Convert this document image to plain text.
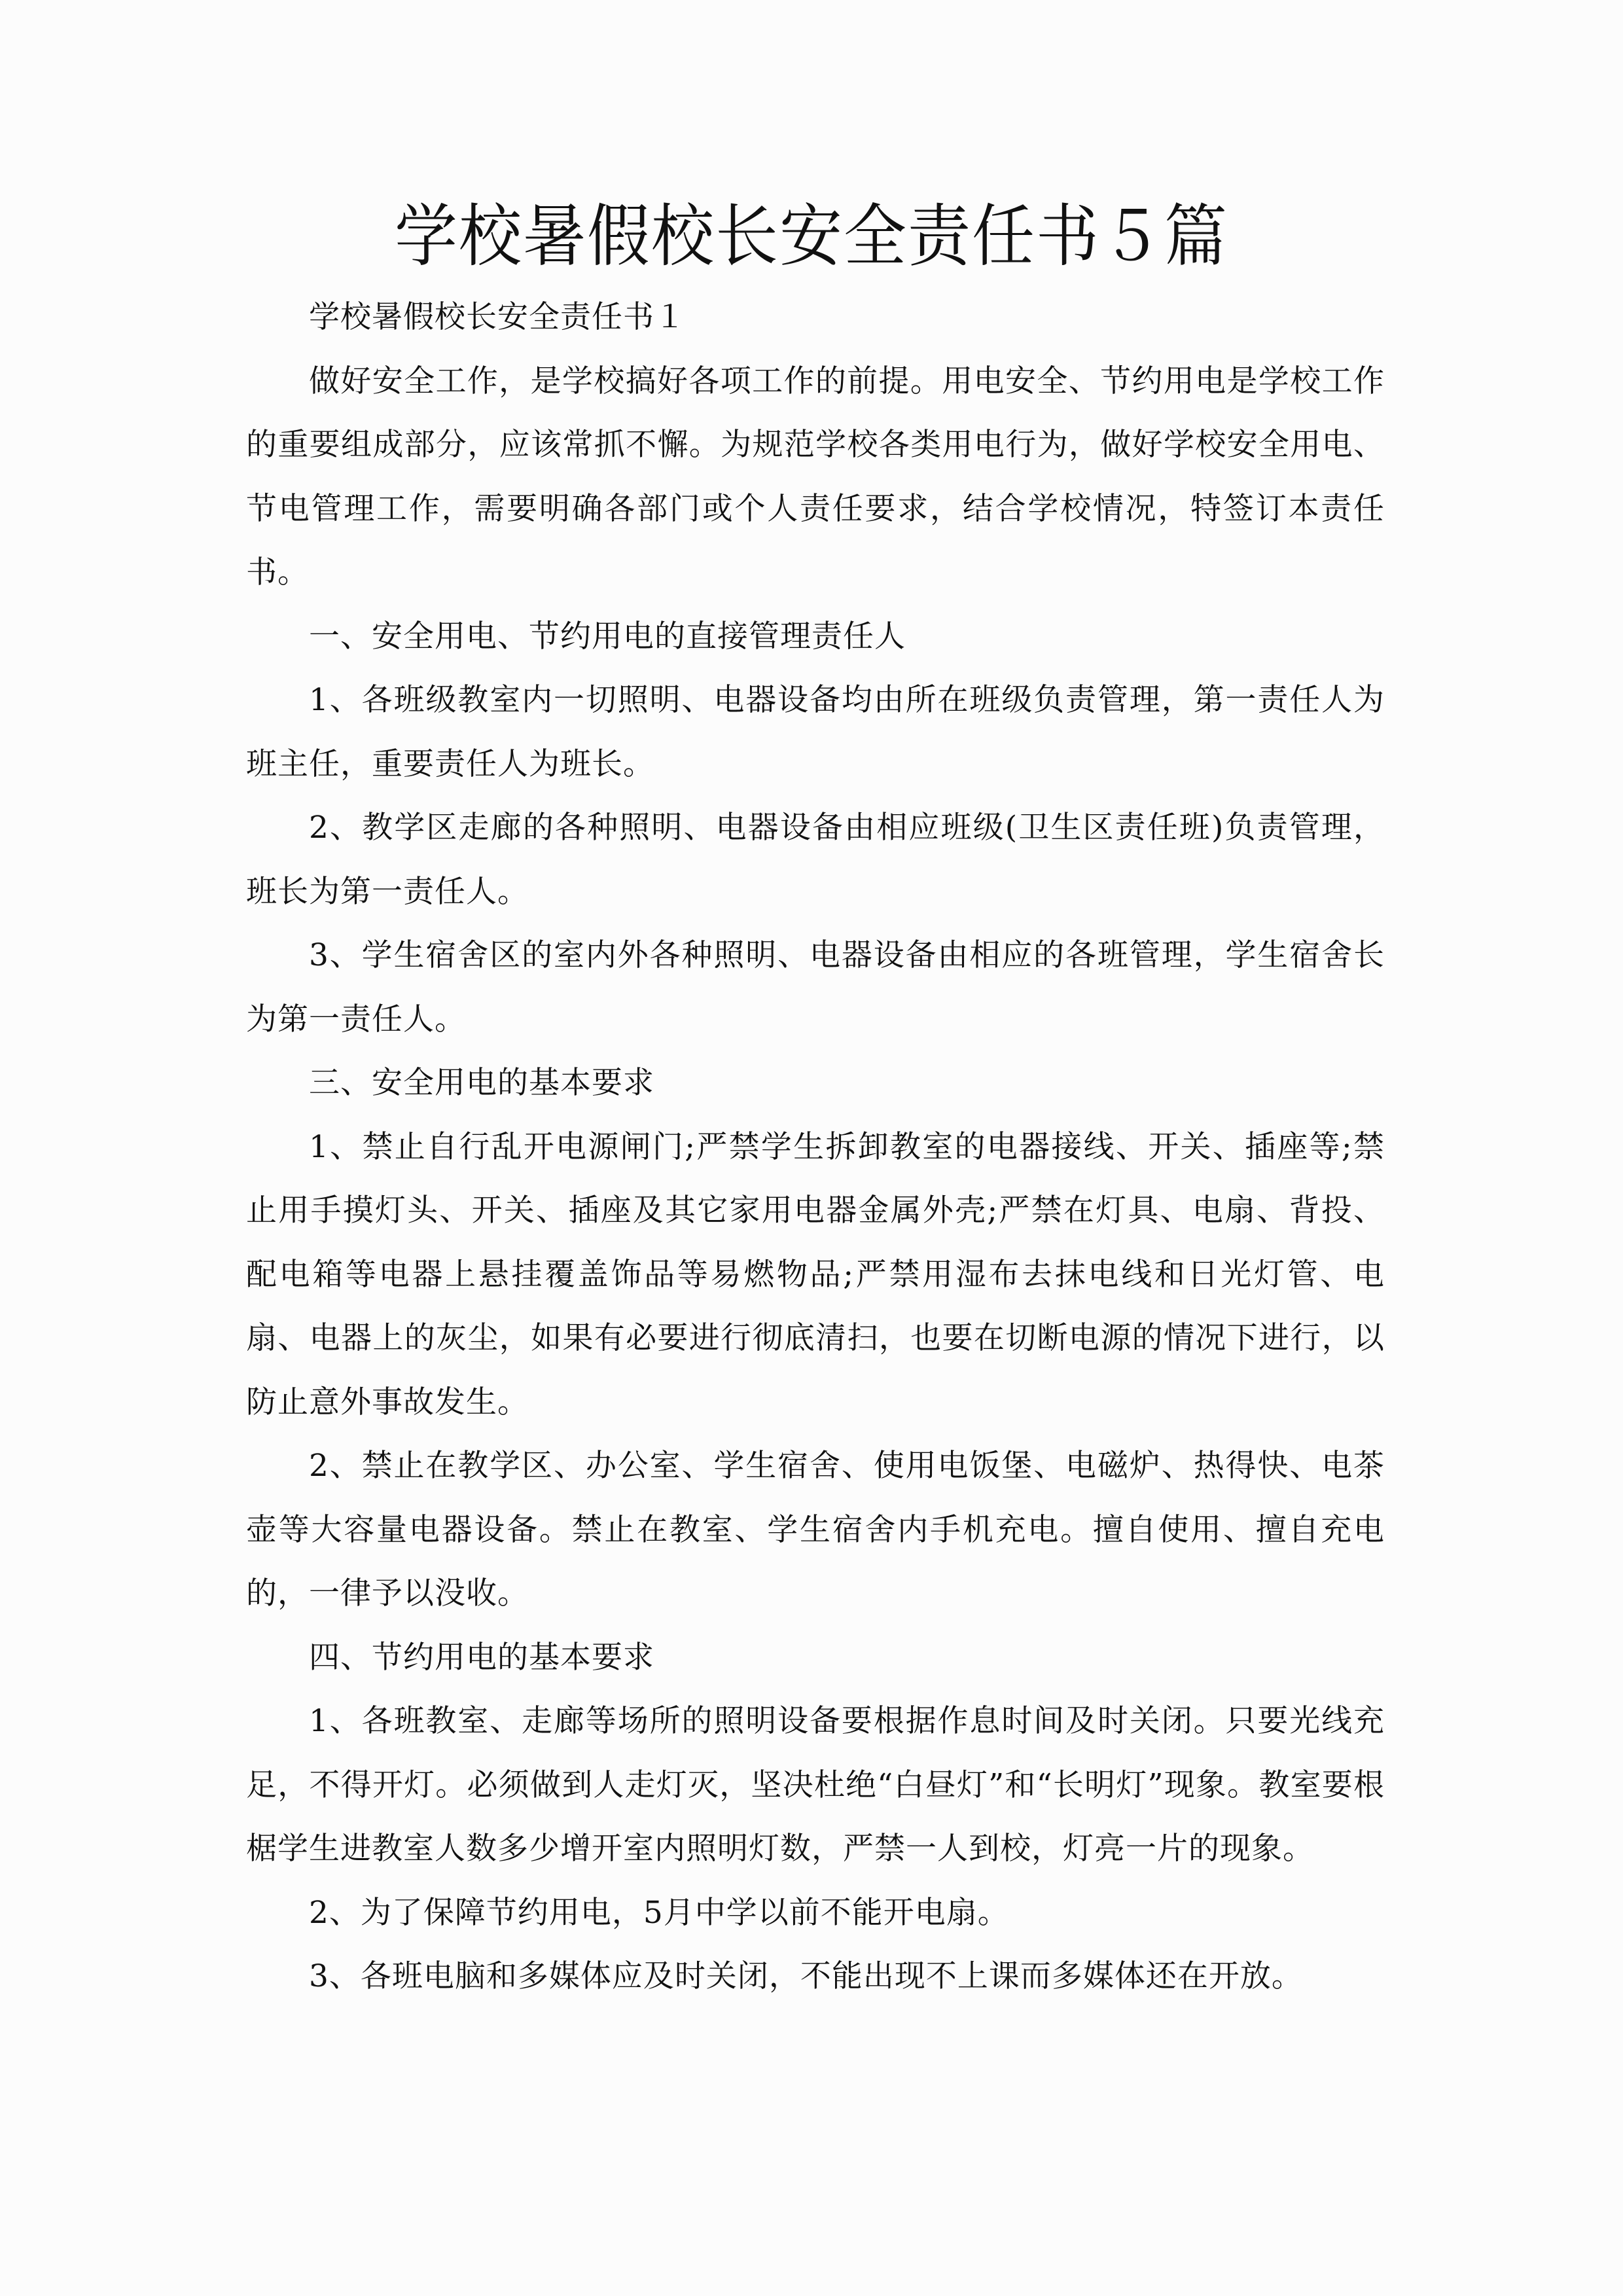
学校暑假校长安全责任书５篇

学校暑假校长安全责任书１

做好安全工作，是学校搞好各项工作的前提。用电安全、节约用电是学校工作的重要组成部分，应该常抓不懈。为规范学校各类用电行为，做好学校安全用电、节电管理工作，需要明确各部门或个人责任要求，结合学校情况，特签订本责任书。

一、安全用电、节约用电的直接管理责任人

1、各班级教室内一切照明、电器设备均由所在班级负责管理，第一责任人为班主任，重要责任人为班长。

2、教学区走廊的各种照明、电器设备由相应班级(卫生区责任班)负责管理，班长为第一责任人。

3、学生宿舍区的室内外各种照明、电器设备由相应的各班管理，学生宿舍长为第一责任人。

三、安全用电的基本要求

1、禁止自行乱开电源闸门;严禁学生拆卸教室的电器接线、开关、插座等;禁止用手摸灯头、开关、插座及其它家用电器金属外壳;严禁在灯具、电扇、背投、配电箱等电器上悬挂覆盖饰品等易燃物品;严禁用湿布去抹电线和日光灯管、电扇、电器上的灰尘，如果有必要进行彻底清扫，也要在切断电源的情况下进行，以防止意外事故发生。

2、禁止在教学区、办公室、学生宿舍、使用电饭堡、电磁炉、热得快、电茶壶等大容量电器设备。禁止在教室、学生宿舍内手机充电。擅自使用、擅自充电的，一律予以没收。

四、节约用电的基本要求

1、各班教室、走廊等场所的照明设备要根据作息时间及时关闭。只要光线充足，不得开灯。必须做到人走灯灭，坚决杜绝“白昼灯”和“长明灯”现象。教室要根椐学生进教室人数多少增开室内照明灯数，严禁一人到校，灯亮一片的现象。

2、为了保障节约用电，5月中学以前不能开电扇。

3、各班电脑和多媒体应及时关闭，不能出现不上课而多媒体还在开放。
